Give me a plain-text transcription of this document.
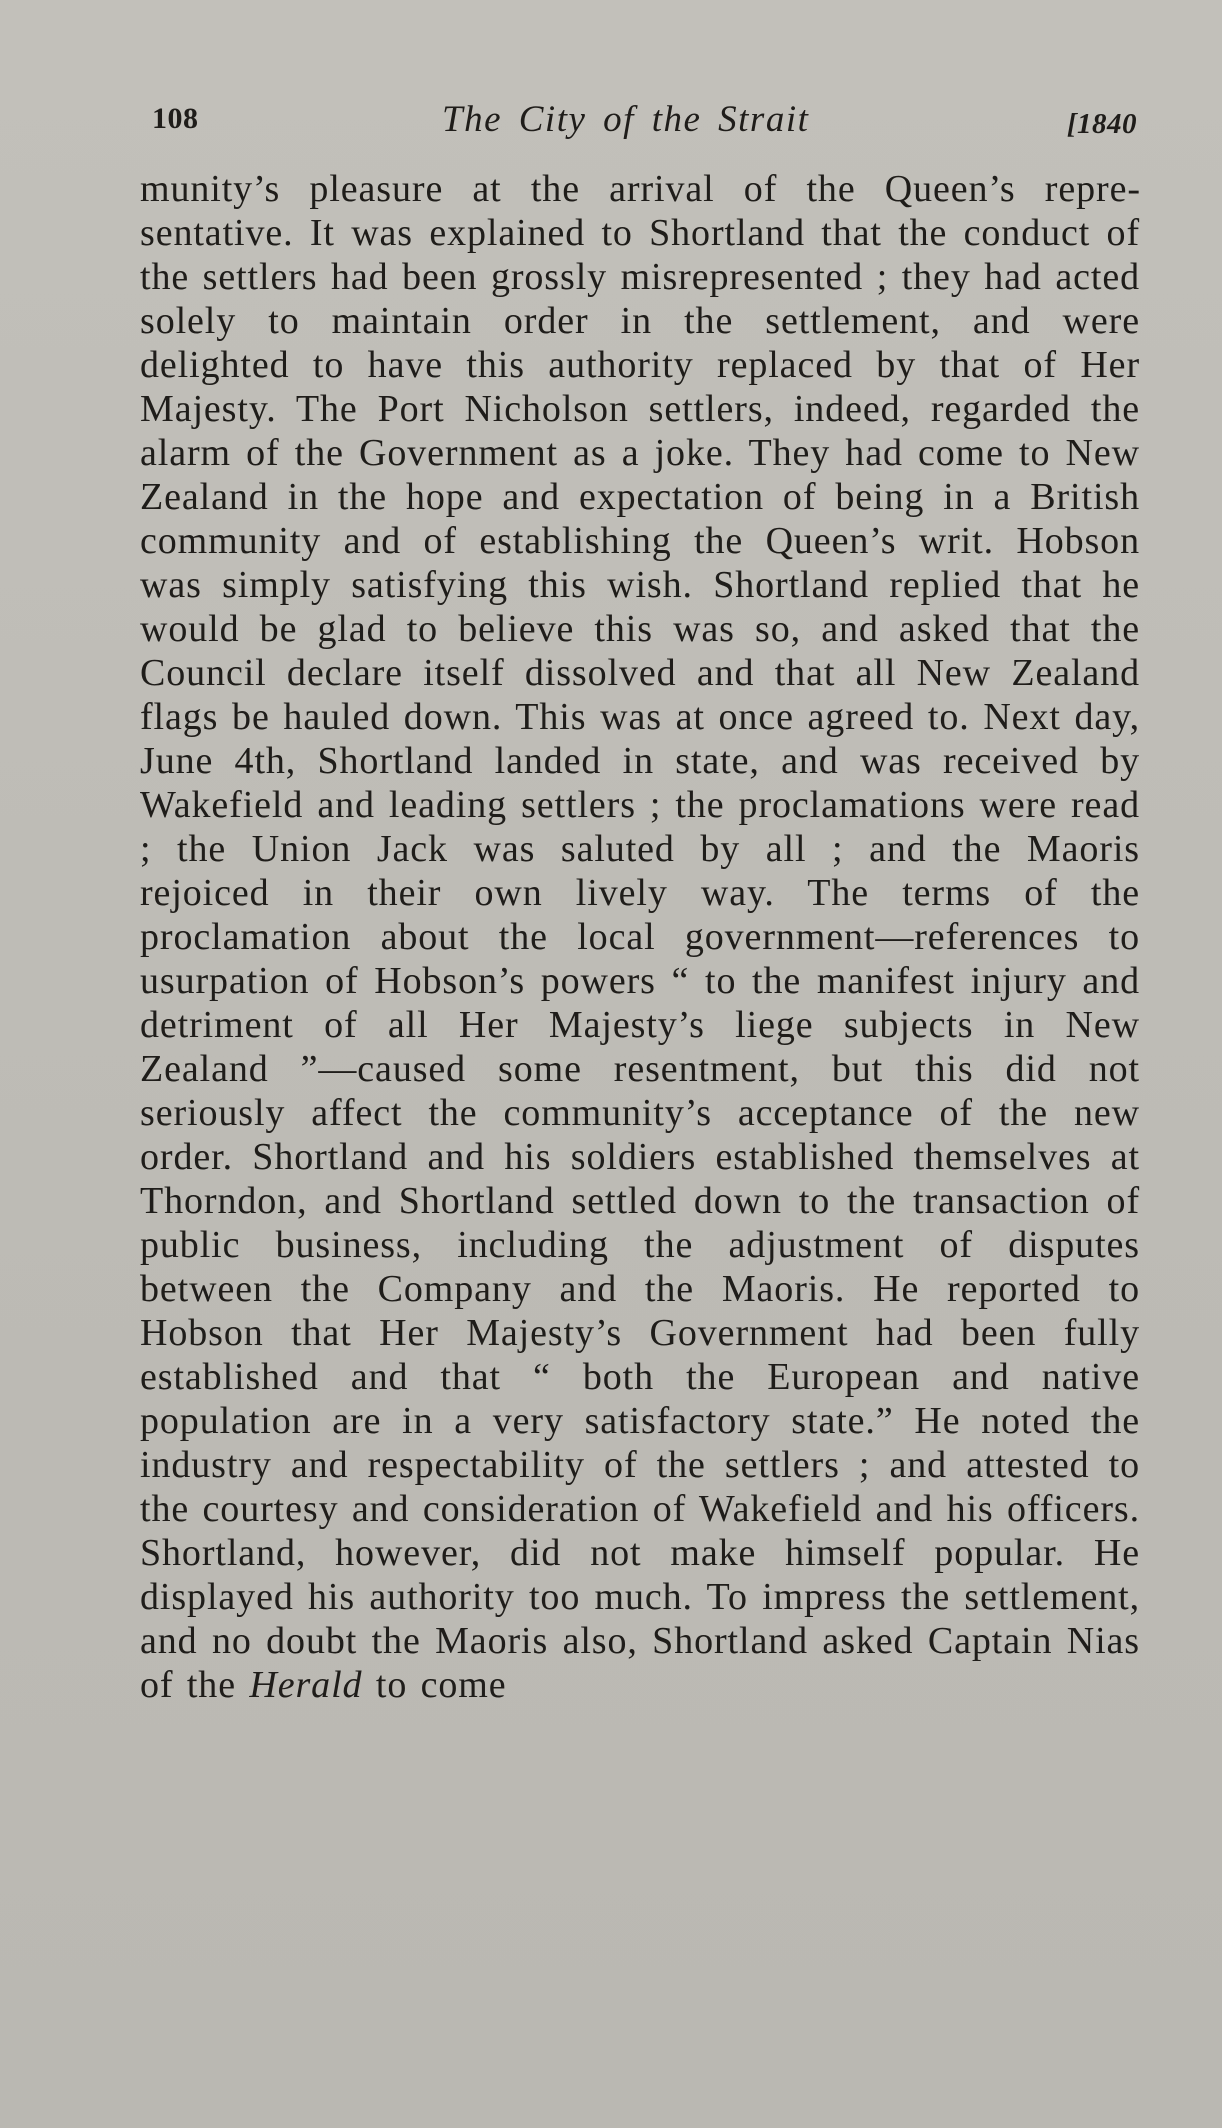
108	The City of the Strait	[1840

munity’s pleasure at the arrival of the Queen’s representative. It was explained to Shortland that the conduct of the settlers had been grossly misrepresented ; they had acted solely to maintain order in the settlement, and were delighted to have this authority replaced by that of Her Majesty. The Port Nicholson settlers, indeed, regarded the alarm of the Government as a joke. They had come to New Zealand in the hope and expectation of being in a British community and of establishing the Queen’s writ. Hobson was simply satisfying this wish. Shortland replied that he would be glad to believe this was so, and asked that the Council declare itself dissolved and that all New Zealand flags be hauled down. This was at once agreed to. Next day, June 4th, Shortland landed in state, and was received by Wakefield and leading settlers ; the proclamations were read ; the Union Jack was saluted by all ; and the Maoris rejoiced in their own lively way. The terms of the proclamation about the local government—references to usurpation of Hobson’s powers “ to the manifest injury and detriment of all Her Majesty’s liege subjects in New Zealand ”—caused some resentment, but this did not seriously affect the community’s acceptance of the new order. Shortland and his soldiers established themselves at Thorndon, and Shortland settled down to the transaction of public business, including the adjustment of disputes between the Company and the Maoris. He reported to Hobson that Her Majesty’s Government had been fully established and that “ both the European and native population are in a very satisfactory state.” He noted the industry and respectability of the settlers ; and attested to the courtesy and consideration of Wakefield and his officers. Shortland, however, did not make himself popular. He displayed his authority too much. To impress the settlement, and no doubt the Maoris also, Shortland asked Captain Nias of the Herald to come
